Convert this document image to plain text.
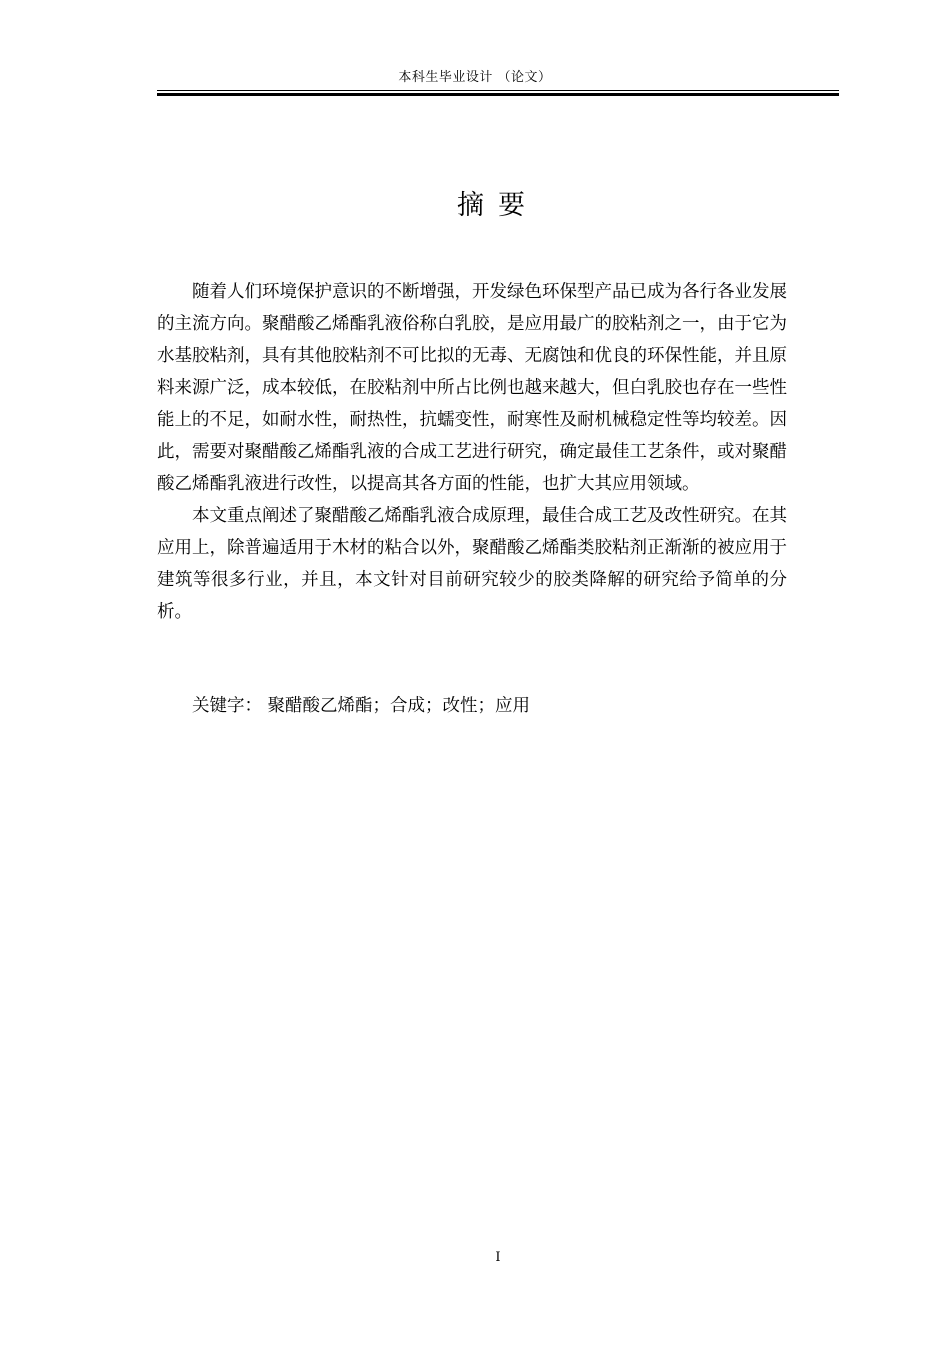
本科生毕业设计 （论文）
摘要

随着人们环境保护意识的不断增强，开发绿色环保型产品已成为各行各业发展的主流方向。聚醋酸乙烯酯乳液俗称白乳胶，是应用最广的胶粘剂之一，由于它为水基胶粘剂，具有其他胶粘剂不可比拟的无毒、无腐蚀和优良的环保性能，并且原料来源广泛，成本较低，在胶粘剂中所占比例也越来越大，但白乳胶也存在一些性能上的不足，如耐水性，耐热性，抗蠕变性，耐寒性及耐机械稳定性等均较差。因此，需要对聚醋酸乙烯酯乳液的合成工艺进行研究，确定最佳工艺条件，或对聚醋酸乙烯酯乳液进行改性，以提高其各方面的性能，也扩大其应用领域。

本文重点阐述了聚醋酸乙烯酯乳液合成原理，最佳合成工艺及改性研究。在其应用上，除普遍适用于木材的粘合以外，聚醋酸乙烯酯类胶粘剂正渐渐的被应用于建筑等很多行业，并且，本文针对目前研究较少的胶类降解的研究给予简单的分析。

关键字： 聚醋酸乙烯酯；合成；改性；应用
I
